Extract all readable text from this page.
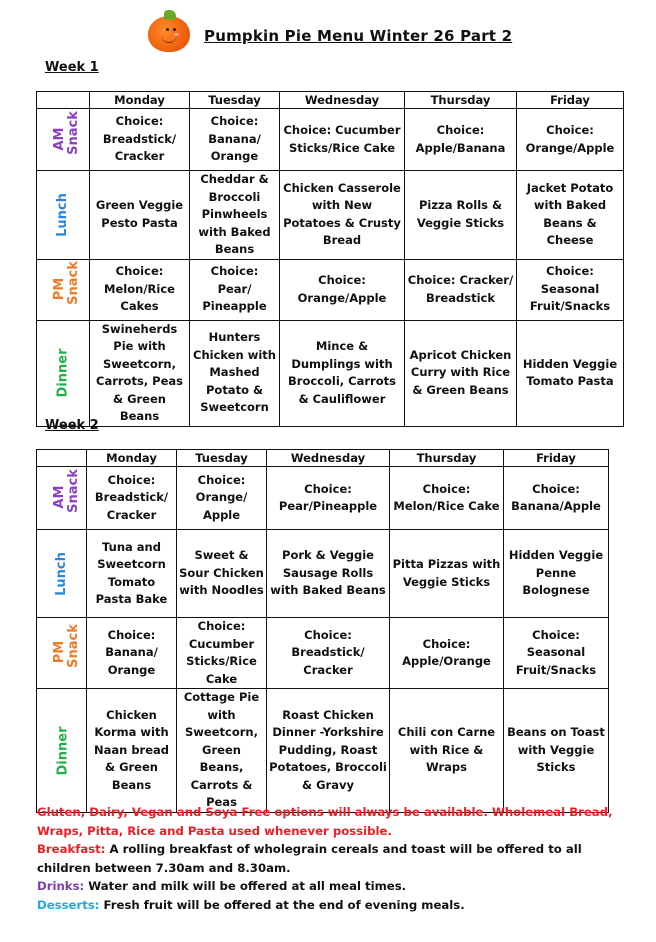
Pumpkin Pie Menu Winter 26 Part 2
Week 1
	Monday	Tuesday	Wednesday	Thursday	Friday

AM Snack	Choice: Breadstick/ Cracker	Choice: Banana/ Orange	Choice: Cucumber Sticks/Rice Cake	Choice: Apple/Banana	Choice: Orange/Apple

Lunch	Green Veggie Pesto Pasta	Cheddar & Broccoli Pinwheels with Baked Beans	Chicken Casserole with New Potatoes & Crusty Bread	Pizza Rolls & Veggie Sticks	Jacket Potato with Baked Beans & Cheese

PM Snack	Choice: Melon/Rice Cakes	Choice: Pear/ Pineapple	Choice: Orange/Apple	Choice: Cracker/ Breadstick	Choice: Seasonal Fruit/Snacks

Dinner	Swineherds Pie with Sweetcorn, Carrots, Peas & Green Beans	Hunters Chicken with Mashed Potato & Sweetcorn	Mince & Dumplings with Broccoli, Carrots & Cauliflower	Apricot Chicken Curry with Rice & Green Beans	Hidden Veggie Tomato Pasta
Week 2
	Monday	Tuesday	Wednesday	Thursday	Friday

AM Snack	Choice: Breadstick/ Cracker	Choice: Orange/ Apple	Choice: Pear/Pineapple	Choice: Melon/Rice Cake	Choice: Banana/Apple

Lunch	Tuna and Sweetcorn Tomato Pasta Bake	Sweet & Sour Chicken with Noodles	Pork & Veggie Sausage Rolls with Baked Beans	Pitta Pizzas with Veggie Sticks	Hidden Veggie Penne Bolognese

PM Snack	Choice: Banana/ Orange	Choice: Cucumber Sticks/Rice Cake	Choice: Breadstick/ Cracker	Choice: Apple/Orange	Choice: Seasonal Fruit/Snacks

Dinner	Chicken Korma with Naan bread & Green Beans	Cottage Pie with Sweetcorn, Green Beans, Carrots & Peas	Roast Chicken Dinner -Yorkshire Pudding, Roast Potatoes, Broccoli & Gravy	Chili con Carne with Rice & Wraps	Beans on Toast with Veggie Sticks

Gluten, Dairy, Vegan and Soya Free options will always be available. Wholemeal Bread, Wraps, Pitta, Rice and Pasta used whenever possible.

Breakfast: A rolling breakfast of wholegrain cereals and toast will be offered to all children between 7.30am and 8.30am.

Drinks: Water and milk will be offered at all meal times.

Desserts: Fresh fruit will be offered at the end of evening meals.
